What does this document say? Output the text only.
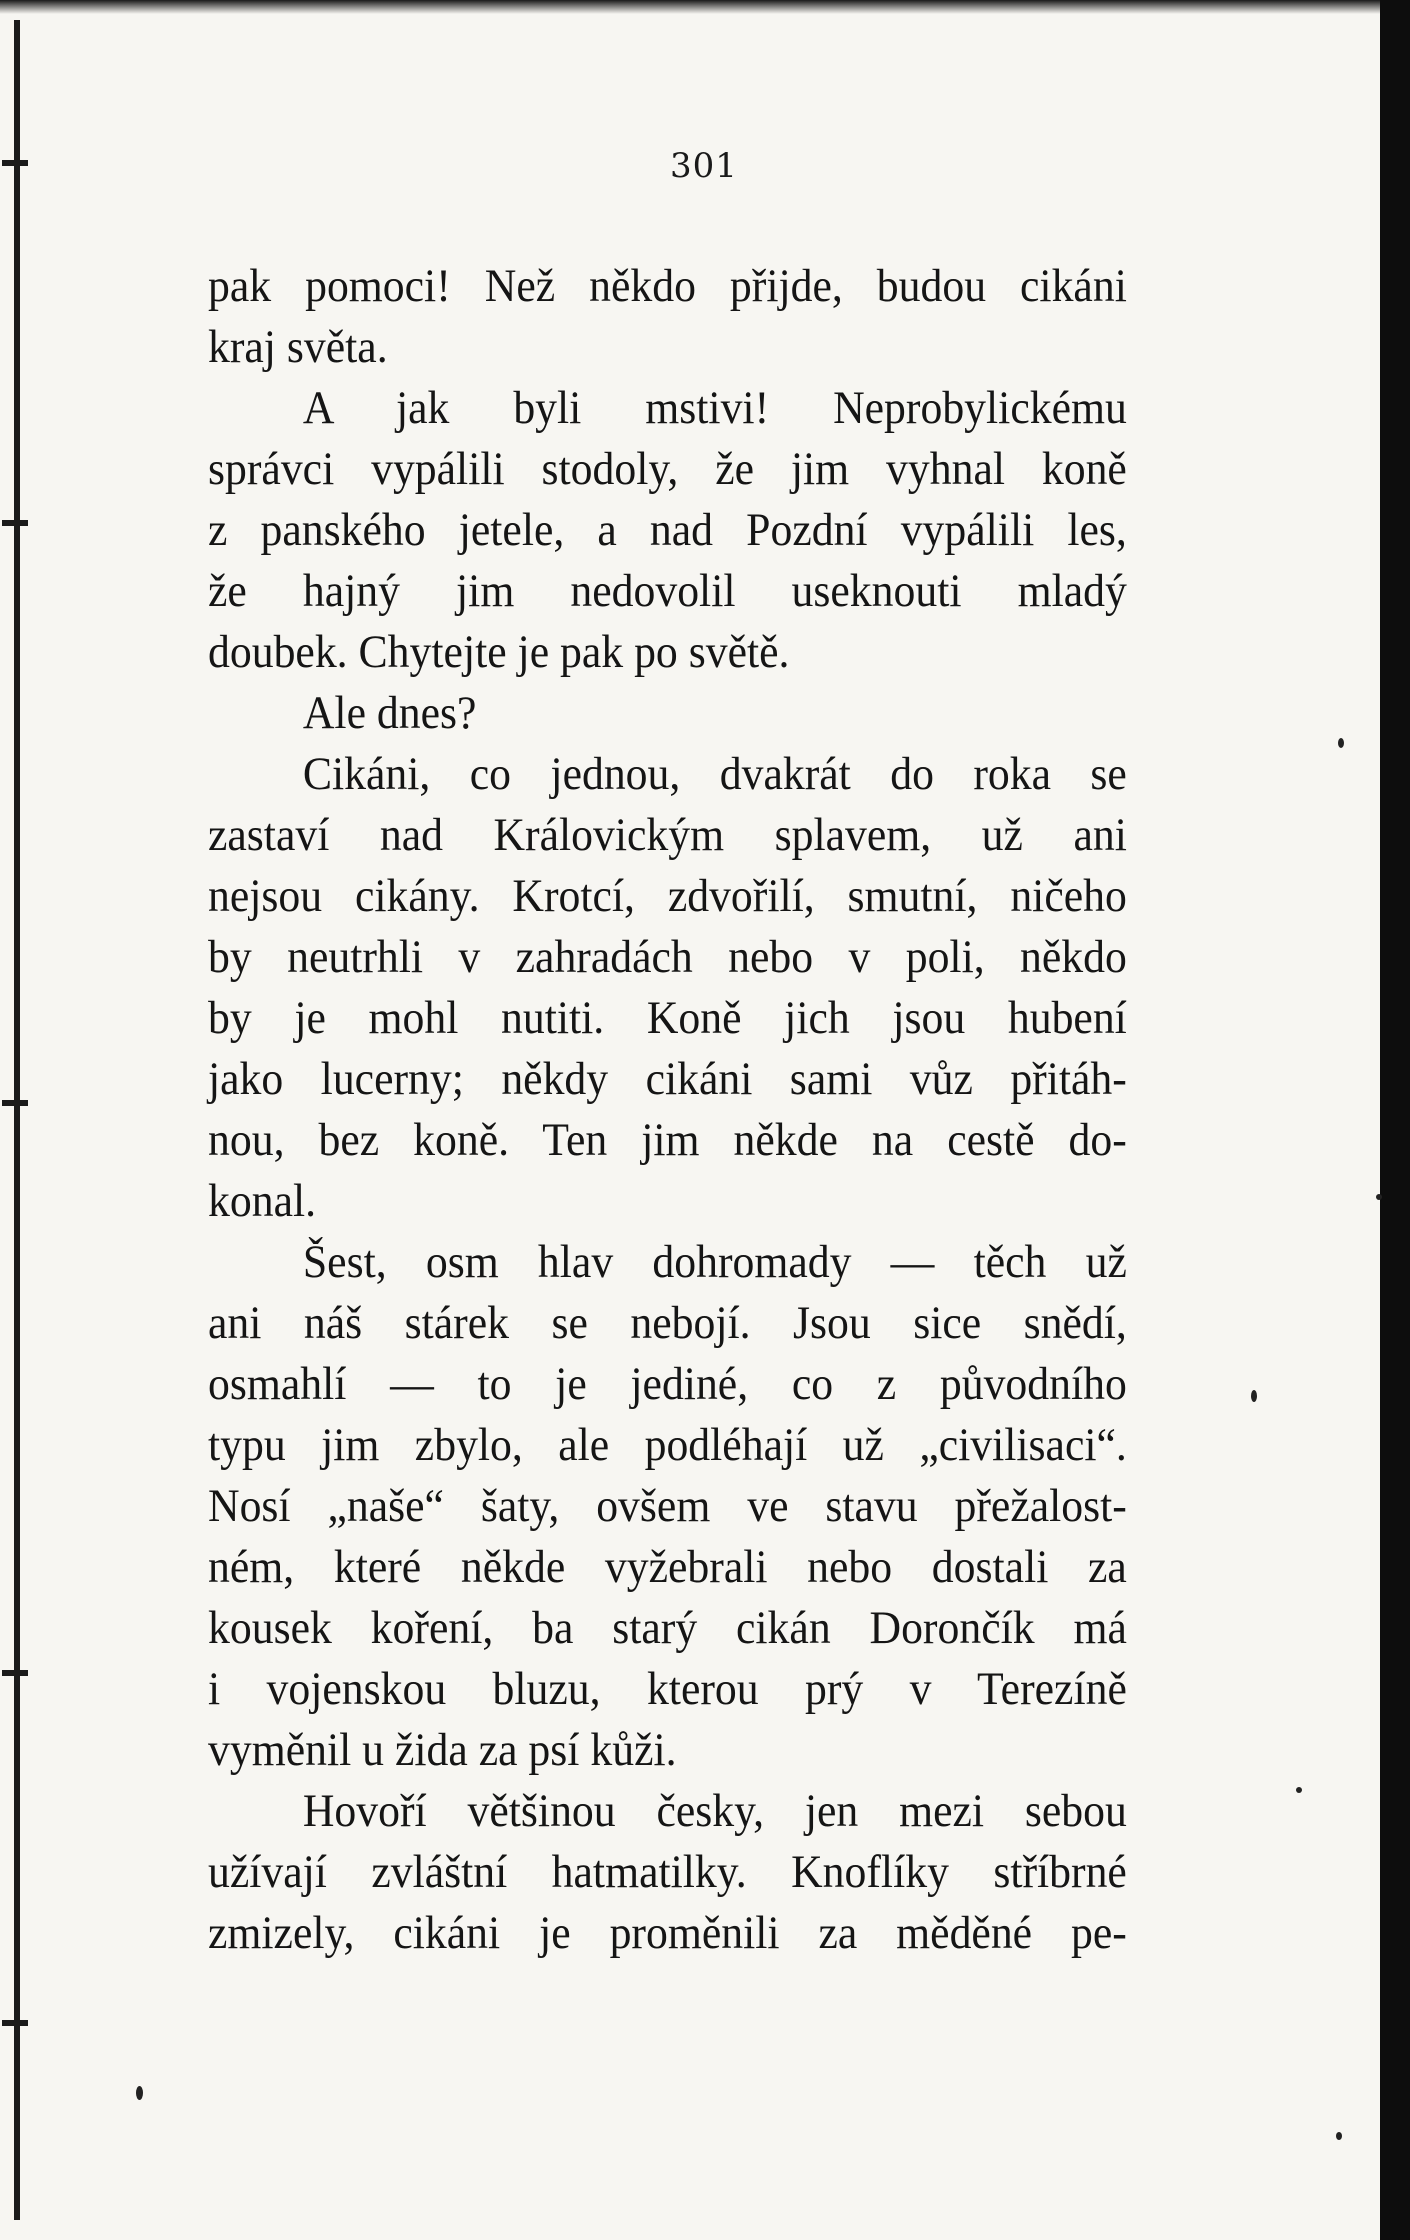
301
pak pomoci! Než někdo přijde, budou cikáni
kraj světa.
A jak byli mstivi! Neprobylickému
správci vypálili stodoly, že jim vyhnal koně
z panského jetele, a nad Pozdní vypálili les,
že hajný jim nedovolil useknouti mladý
doubek. Chytejte je pak po světě.
Ale dnes?
Cikáni, co jednou, dvakrát do roka se
zastaví nad Královickým splavem, už ani
nejsou cikány. Krotcí, zdvořilí, smutní, ničeho
by neutrhli v zahradách nebo v poli, někdo
by je mohl nutiti. Koně jich jsou hubení
jako lucerny; někdy cikáni sami vůz přitáh-
nou, bez koně. Ten jim někde na cestě do-
konal.
Šest, osm hlav dohromady — těch už
ani náš stárek se nebojí. Jsou sice snědí,
osmahlí — to je jediné, co z původního
typu jim zbylo, ale podléhají už „civilisaci“.
Nosí „naše“ šaty, ovšem ve stavu přežalost-
ném, které někde vyžebrali nebo dostali za
kousek koření, ba starý cikán Dorončík má
i vojenskou bluzu, kterou prý v Terezíně
vyměnil u žida za psí kůži.
Hovoří většinou česky, jen mezi sebou
užívají zvláštní hatmatilky. Knoflíky stříbrné
zmizely, cikáni je proměnili za měděné pe-
